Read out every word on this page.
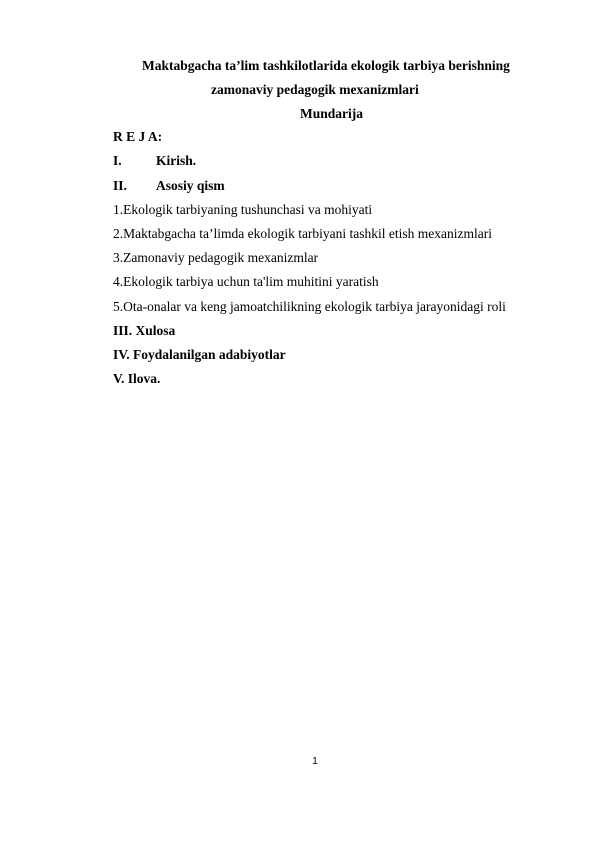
Maktabgacha ta’lim tashkilotlarida ekologik tarbiya berishning
zamonaviy pedagogik mexanizmlari
Mundarija
R E J A:
I.	Kirish.
II. Asosiy qism
1.Ekologik tarbiyaning tushunchasi va mohiyati
2.Maktabgacha ta’limda ekologik tarbiyani tashkil etish mexanizmlari
3.Zamonaviy pedagogik mexanizmlar
4.Ekologik tarbiya uchun ta'lim muhitini yaratish
5.Ota-onalar va keng jamoatchilikning ekologik tarbiya jarayonidagi roli
III. Xulosa
IV. Foydalanilgan adabiyotlar
V. Ilova.
1
